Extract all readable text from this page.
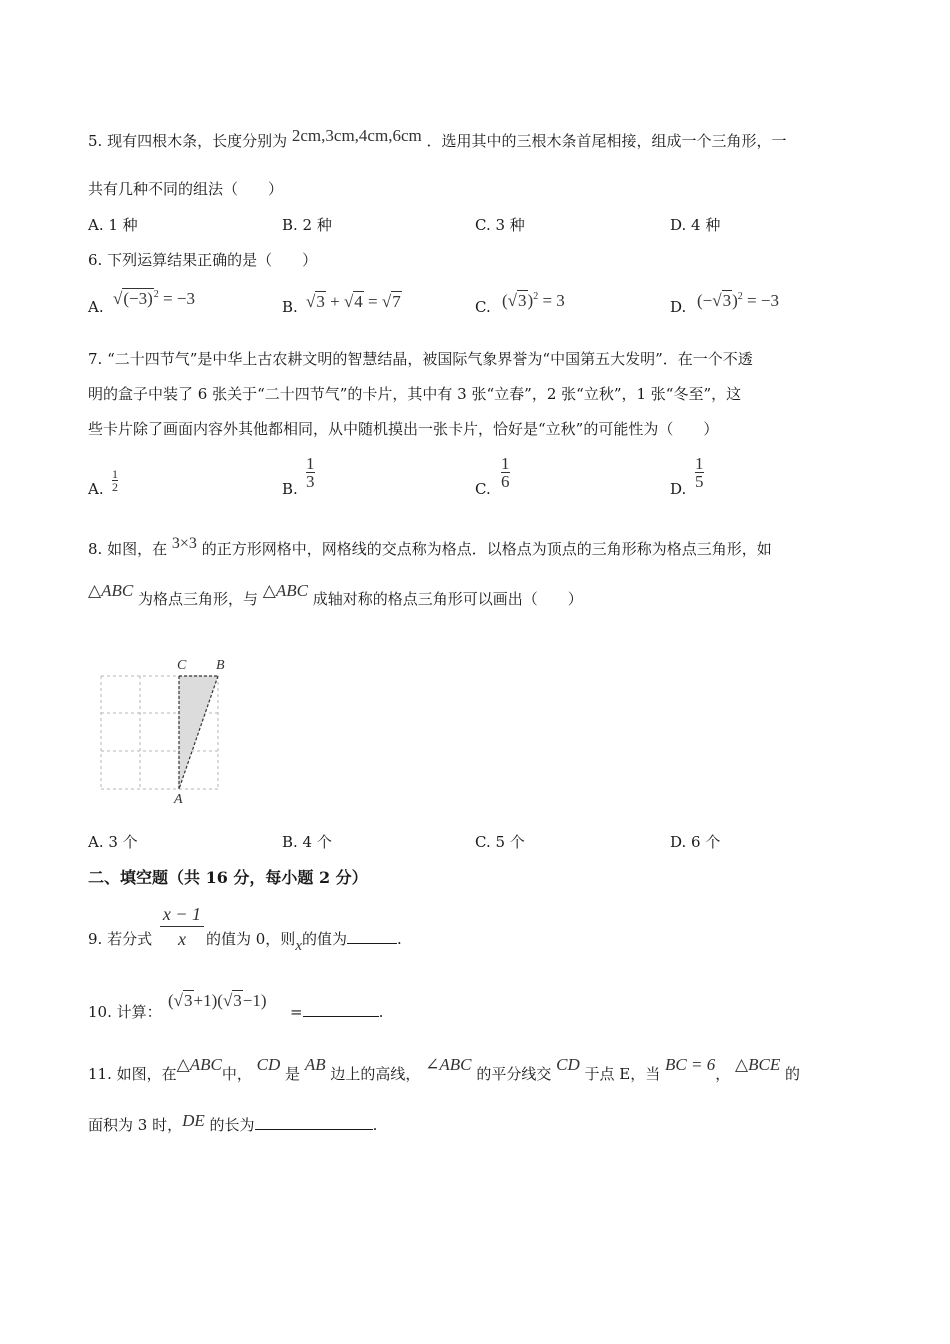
5. 现有四根木条，长度分别为 2cm,3cm,4cm,6cm ．选用其中的三根木条首尾相接，组成一个三角形，一
共有几种不同的组法（　　）
A. 1 种	B. 2 种	C. 3 种	D. 4 种
6. 下列运算结果正确的是（　　）
A. $√(-3)^2 = -3$	B. √3 + √4 = √7	C. $(√3)^2 = 3$	D. $(-√3)^2 = -3$
7. “二十四节气”是中华上古农耕文明的智慧结晶，被国际气象界誉为“中国第五大发明”．在一个不透
明的盒子中装了 6 张关于“二十四节气”的卡片，其中有 3 张“立春”，2 张“立秋”，1 张“冬至”，这
些卡片除了画面内容外其他都相同，从中随机摸出一张卡片，恰好是“立秋”的可能性为（　　）
A.
1
2	B.
1
3	C.
1
6	D.
1
5
8. 如图，在 3×3 的正方形网格中，网格线的交点称为格点．以格点为顶点的三角形称为格点三角形，如
△ABC 为格点三角形，与 △ABC 成轴对称的格点三角形可以画出（　　）
C B
A
A. 3 个	B. 4 个	C. 5 个	D. 6 个
二、填空题（共 16 分，每小题 2 分）
9. 若分式
x − 1
x 的值为 0，则x的值为	.
10. 计算：
(√3+1)(√3−1)
=	.
11. 如图，在△ABC中， CD 是 AB 边上的高线， ∠ABC 的平分线交 CD 于点 E，当 BC = 6， △BCE 的
面积为 3 时，DE 的长为	.
